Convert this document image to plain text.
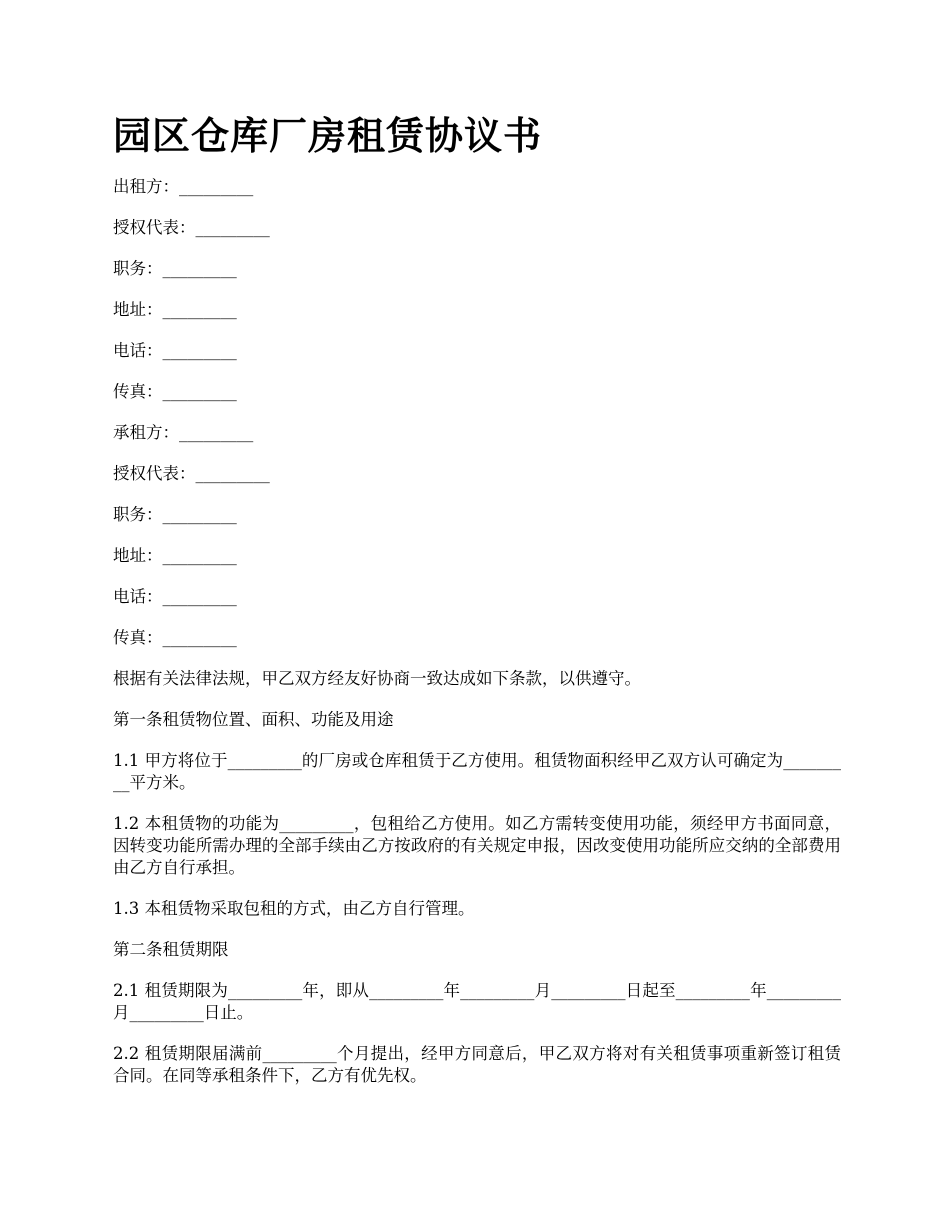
园区仓库厂房租赁协议书

出租方：_________

授权代表：_________

职务：_________

地址：_________

电话：_________

传真：_________

承租方：_________

授权代表：_________

职务：_________

地址：_________

电话：_________

传真：_________

根据有关法律法规，甲乙双方经友好协商一致达成如下条款，以供遵守。

第一条租赁物位置、面积、功能及用途

1.1 甲方将位于_________的厂房或仓库租赁于乙方使用。租赁物面积经甲乙双方认可确定为_________平方米。

1.2 本租赁物的功能为_________，包租给乙方使用。如乙方需转变使用功能，须经甲方书面同意，因转变功能所需办理的全部手续由乙方按政府的有关规定申报，因改变使用功能所应交纳的全部费用由乙方自行承担。

1.3 本租赁物采取包租的方式，由乙方自行管理。

第二条租赁期限

2.1 租赁期限为_________年，即从_________年_________月_________日起至_________年_________月_________日止。

2.2 租赁期限届满前_________个月提出，经甲方同意后，甲乙双方将对有关租赁事项重新签订租赁合同。在同等承租条件下，乙方有优先权。
